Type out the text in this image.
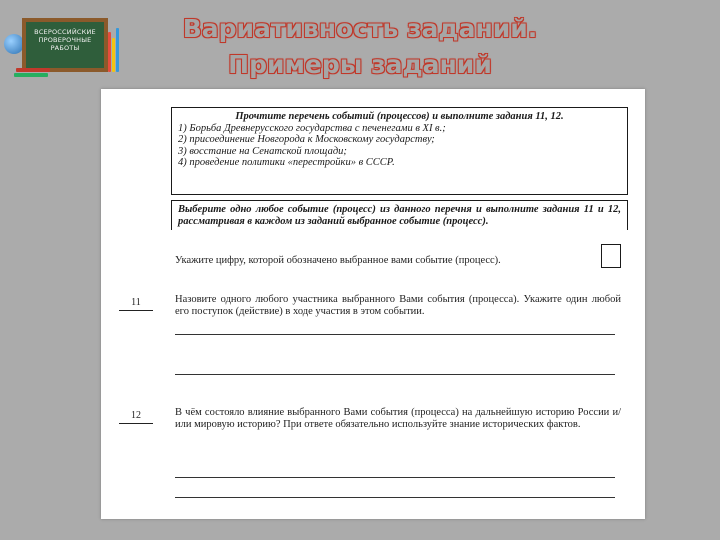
ВСЕРОССИЙСКИЕ
ПРОВЕРОЧНЫЕ
РАБОТЫ
Вариативность заданий.
Примеры заданий
Прочтите перечень событий (процессов) и выполните задания 11, 12.
1) Борьба Древнерусского государства с печенегами в XI в.;
2) присоединение Новгорода к Московскому государству;
3) восстание на Сенатской площади;
4) проведение политики «перестройки» в СССР.
Выберите одно любое событие (процесс) из данного перечня и выполните задания 11 и 12, рассматривая в каждом из заданий выбранное событие (процесс).
Укажите цифру, которой обозначено выбранное вами событие (процесс).
11	Назовите одного любого участника выбранного Вами события (процесса). Укажите один любой его поступок (действие) в ходе участия в этом событии.
12	В чём состояло влияние выбранного Вами события (процесса) на дальнейшую историю России и/или мировую историю? При ответе обязательно используйте знание исторических фактов.
